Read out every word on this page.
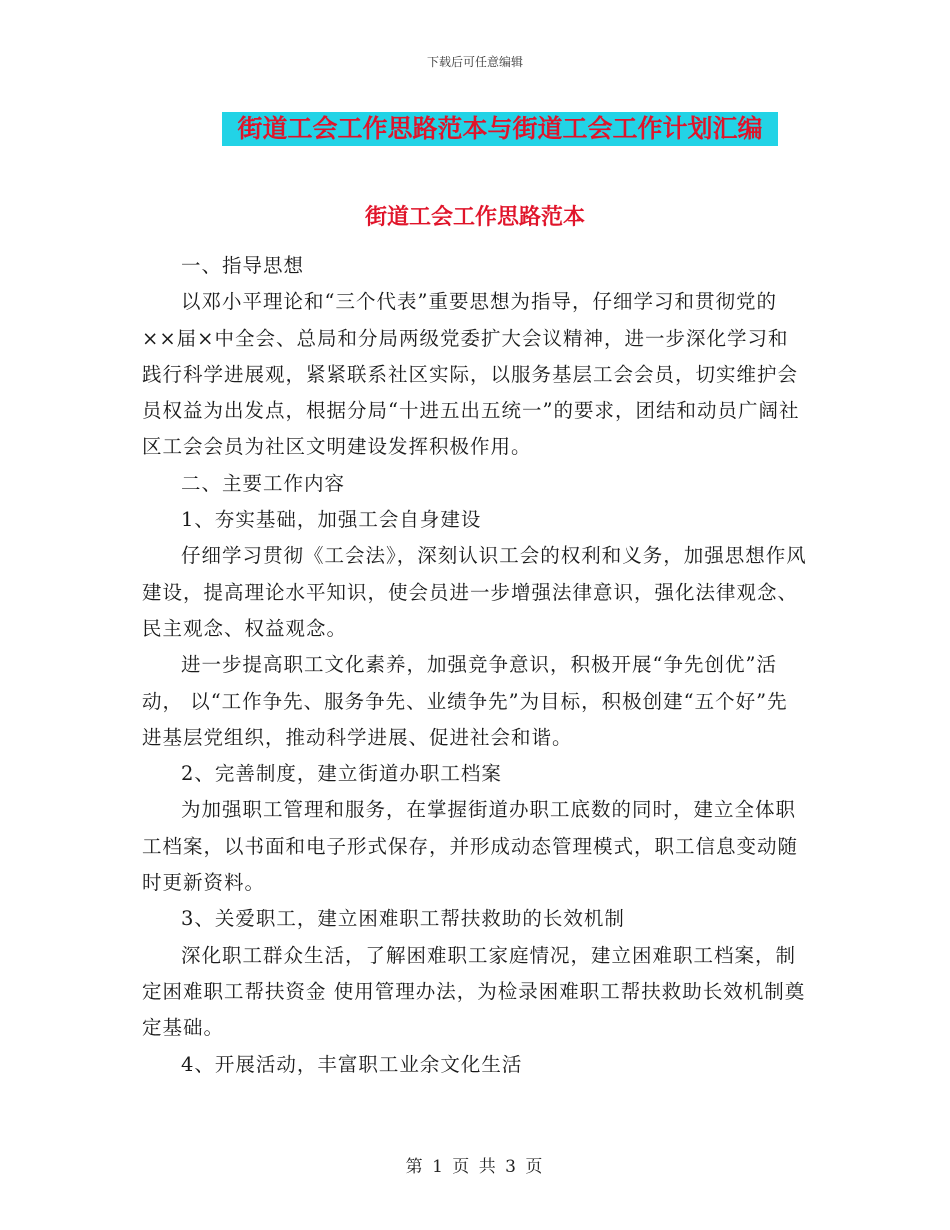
下载后可任意编辑
街道工会工作思路范本与街道工会工作计划汇编
街道工会工作思路范本

一、指导思想

以邓小平理论和“三个代表”重要思想为指导，仔细学习和贯彻党的××届×中全会、总局和分局两级党委扩大会议精神，进一步深化学习和践行科学进展观，紧紧联系社区实际，以服务基层工会会员，切实维护会员权益为出发点，根据分局“十进五出五统一”的要求，团结和动员广阔社区工会会员为社区文明建设发挥积极作用。

二、主要工作内容

1、夯实基础，加强工会自身建设

仔细学习贯彻《工会法》，深刻认识工会的权利和义务，加强思想作风建设，提高理论水平知识，使会员进一步增强法律意识，强化法律观念、民主观念、权益观念。

进一步提高职工文化素养，加强竞争意识，积极开展“争先创优”活动， 以“工作争先、服务争先、业绩争先”为目标，积极创建“五个好”先进基层党组织，推动科学进展、促进社会和谐。

2、完善制度，建立街道办职工档案

为加强职工管理和服务，在掌握街道办职工底数的同时，建立全体职工档案，以书面和电子形式保存，并形成动态管理模式，职工信息变动随时更新资料。

3、关爱职工，建立困难职工帮扶救助的长效机制

深化职工群众生活，了解困难职工家庭情况，建立困难职工档案，制定困难职工帮扶资金 使用管理办法，为检录困难职工帮扶救助长效机制奠定基础。

4、开展活动，丰富职工业余文化生活

第 1 页 共 3 页
